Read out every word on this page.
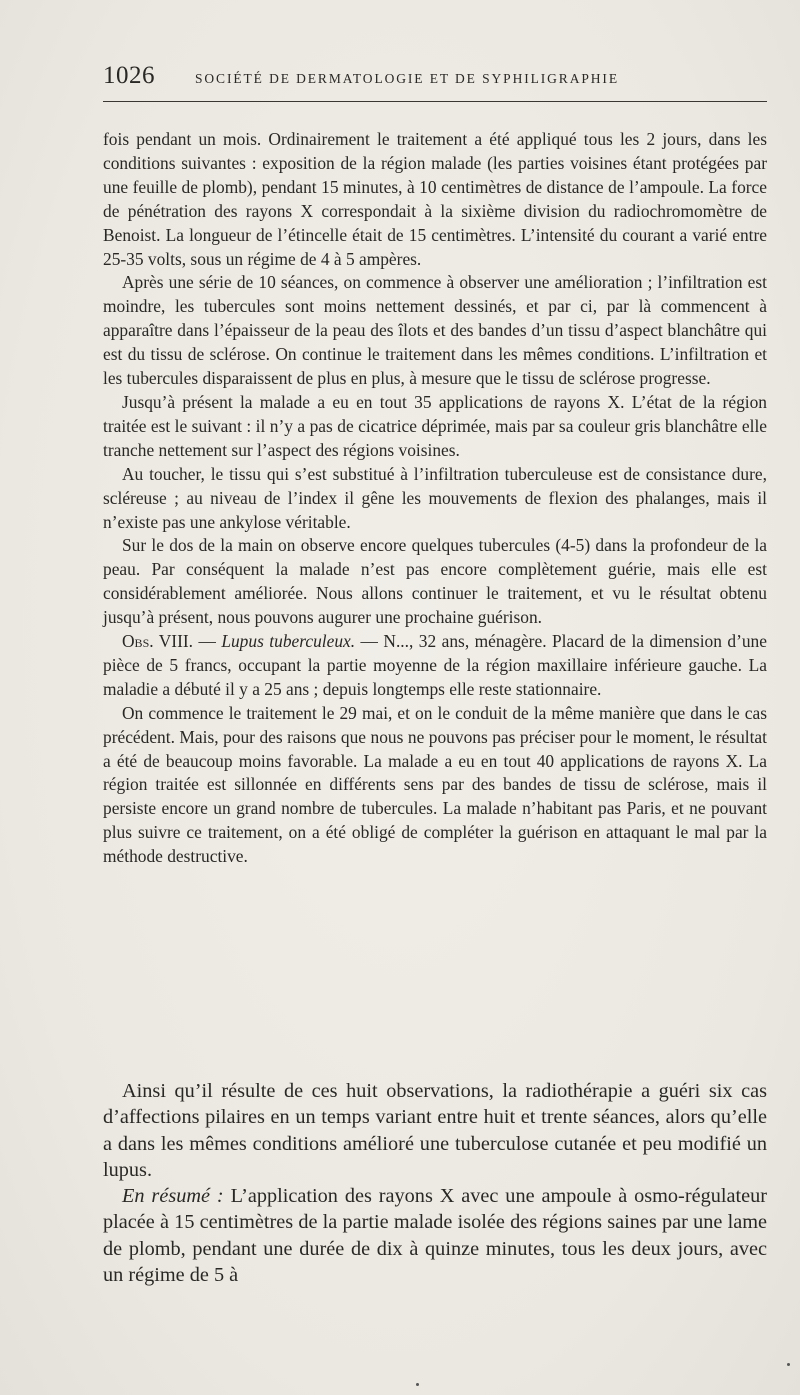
1026	SOCIÉTÉ DE DERMATOLOGIE ET DE SYPHILIGRAPHIE

fois pendant un mois. Ordinairement le traitement a été appliqué tous les 2 jours, dans les conditions suivantes : exposition de la région malade (les parties voisines étant protégées par une feuille de plomb), pendant 15 minutes, à 10 centimètres de distance de l’ampoule. La force de pénétration des rayons X correspondait à la sixième division du radiochromomètre de Benoist. La longueur de l’étincelle était de 15 centimètres. L’intensité du courant a varié entre 25-35 volts, sous un régime de 4 à 5 ampères.

Après une série de 10 séances, on commence à observer une amélioration ; l’infiltration est moindre, les tubercules sont moins nettement dessinés, et par ci, par là commencent à apparaître dans l’épaisseur de la peau des îlots et des bandes d’un tissu d’aspect blanchâtre qui est du tissu de sclérose. On continue le traitement dans les mêmes conditions. L’infiltration et les tubercules disparaissent de plus en plus, à mesure que le tissu de sclérose progresse.

Jusqu’à présent la malade a eu en tout 35 applications de rayons X. L’état de la région traitée est le suivant : il n’y a pas de cicatrice déprimée, mais par sa couleur gris blanchâtre elle tranche nettement sur l’aspect des régions voisines.

Au toucher, le tissu qui s’est substitué à l’infiltration tuberculeuse est de consistance dure, scléreuse ; au niveau de l’index il gêne les mouvements de flexion des phalanges, mais il n’existe pas une ankylose véritable.

Sur le dos de la main on observe encore quelques tubercules (4-5) dans la profondeur de la peau. Par conséquent la malade n’est pas encore complètement guérie, mais elle est considérablement améliorée. Nous allons continuer le traitement, et vu le résultat obtenu jusqu’à présent, nous pouvons augurer une prochaine guérison.

Obs. VIII. — Lupus tuberculeux. — N..., 32 ans, ménagère. Placard de la dimension d’une pièce de 5 francs, occupant la partie moyenne de la région maxillaire inférieure gauche. La maladie a débuté il y a 25 ans ; depuis longtemps elle reste stationnaire.

On commence le traitement le 29 mai, et on le conduit de la même manière que dans le cas précédent. Mais, pour des raisons que nous ne pouvons pas préciser pour le moment, le résultat a été de beaucoup moins favorable. La malade a eu en tout 40 applications de rayons X. La région traitée est sillonnée en différents sens par des bandes de tissu de sclérose, mais il persiste encore un grand nombre de tubercules. La malade n’habitant pas Paris, et ne pouvant plus suivre ce traitement, on a été obligé de compléter la guérison en attaquant le mal par la méthode destructive.

Ainsi qu’il résulte de ces huit observations, la radiothérapie a guéri six cas d’affections pilaires en un temps variant entre huit et trente séances, alors qu’elle a dans les mêmes conditions amélioré une tuberculose cutanée et peu modifié un lupus.

En résumé : L’application des rayons X avec une ampoule à osmo-régulateur placée à 15 centimètres de la partie malade isolée des régions saines par une lame de plomb, pendant une durée de dix à quinze minutes, tous les deux jours, avec un régime de 5 à
